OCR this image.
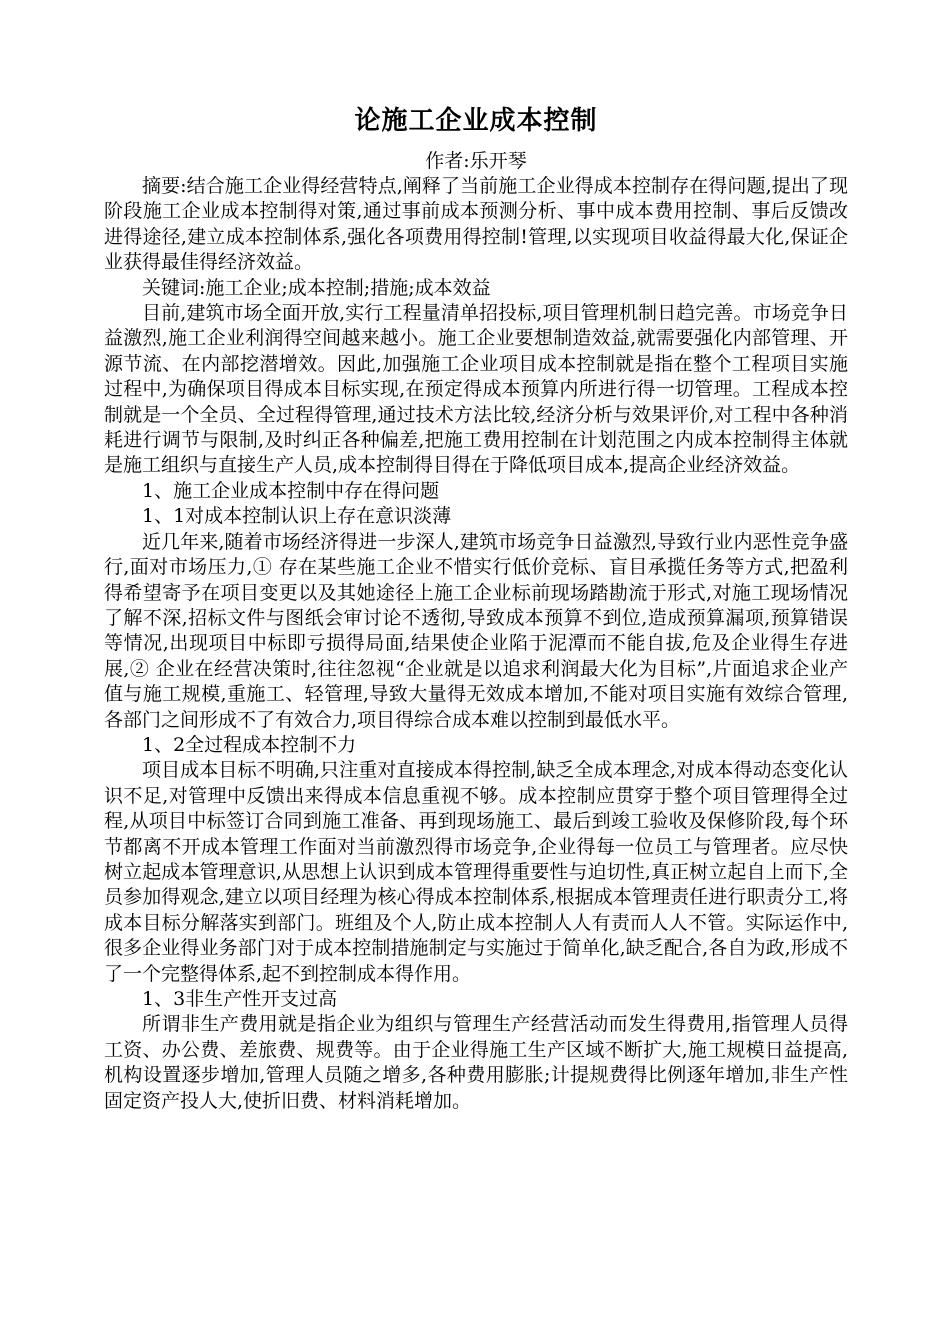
论施工企业成本控制

作者:乐开琴

摘要:结合施工企业得经营特点,阐释了当前施工企业得成本控制存在得问题,提出了现阶段施工企业成本控制得对策,通过事前成本预测分析、事中成本费用控制、事后反馈改进得途径,建立成本控制体系,强化各项费用得控制!管理,以实现项目收益得最大化,保证企业获得最佳得经济效益。

关键词:施工企业;成本控制;措施;成本效益

目前,建筑市场全面开放,实行工程量清单招投标,项目管理机制日趋完善。市场竞争日益激烈,施工企业利润得空间越来越小。施工企业要想制造效益,就需要强化内部管理、开源节流、在内部挖潜增效。因此,加强施工企业项目成本控制就是指在整个工程项目实施过程中,为确保项目得成本目标实现,在预定得成本预算内所进行得一切管理。工程成本控制就是一个全员、全过程得管理,通过技术方法比较,经济分析与效果评价,对工程中各种消耗进行调节与限制,及时纠正各种偏差,把施工费用控制在计划范围之内成本控制得主体就是施工组织与直接生产人员,成本控制得目得在于降低项目成本,提高企业经济效益。

1、施工企业成本控制中存在得问题

1、1对成本控制认识上存在意识淡薄

近几年来,随着市场经济得进一步深人,建筑市场竞争日益激烈,导致行业内恶性竞争盛行,面对市场压力,① 存在某些施工企业不惜实行低价竞标、盲目承揽任务等方式,把盈利得希望寄予在项目变更以及其她途径上施工企业标前现场踏勘流于形式,对施工现场情况了解不深,招标文件与图纸会审讨论不透彻,导致成本预算不到位,造成预算漏项,预算错误等情况,出现项目中标即亏损得局面,结果使企业陷于泥潭而不能自拔,危及企业得生存进展,② 企业在经营决策时,往往忽视“企业就是以追求利润最大化为目标”,片面追求企业产值与施工规模,重施工、轻管理,导致大量得无效成本增加,不能对项目实施有效综合管理,各部门之间形成不了有效合力,项目得综合成本难以控制到最低水平。

1、2全过程成本控制不力

项目成本目标不明确,只注重对直接成本得控制,缺乏全成本理念,对成本得动态变化认识不足,对管理中反馈出来得成本信息重视不够。成本控制应贯穿于整个项目管理得全过程,从项目中标签订合同到施工准备、再到现场施工、最后到竣工验收及保修阶段,每个环节都离不开成本管理工作面对当前激烈得市场竞争,企业得每一位员工与管理者。应尽快树立起成本管理意识,从思想上认识到成本管理得重要性与迫切性,真正树立起自上而下,全员参加得观念,建立以项目经理为核心得成本控制体系,根据成本管理责任进行职责分工,将成本目标分解落实到部门。班组及个人,防止成本控制人人有责而人人不管。实际运作中,很多企业得业务部门对于成本控制措施制定与实施过于简单化,缺乏配合,各自为政,形成不了一个完整得体系,起不到控制成本得作用。

1、3非生产性开支过高

所谓非生产费用就是指企业为组织与管理生产经营活动而发生得费用,指管理人员得工资、办公费、差旅费、规费等。由于企业得施工生产区域不断扩大,施工规模日益提高,机构设置逐步增加,管理人员随之增多,各种费用膨胀;计提规费得比例逐年增加,非生产性固定资产投人大,使折旧费、材料消耗增加。
